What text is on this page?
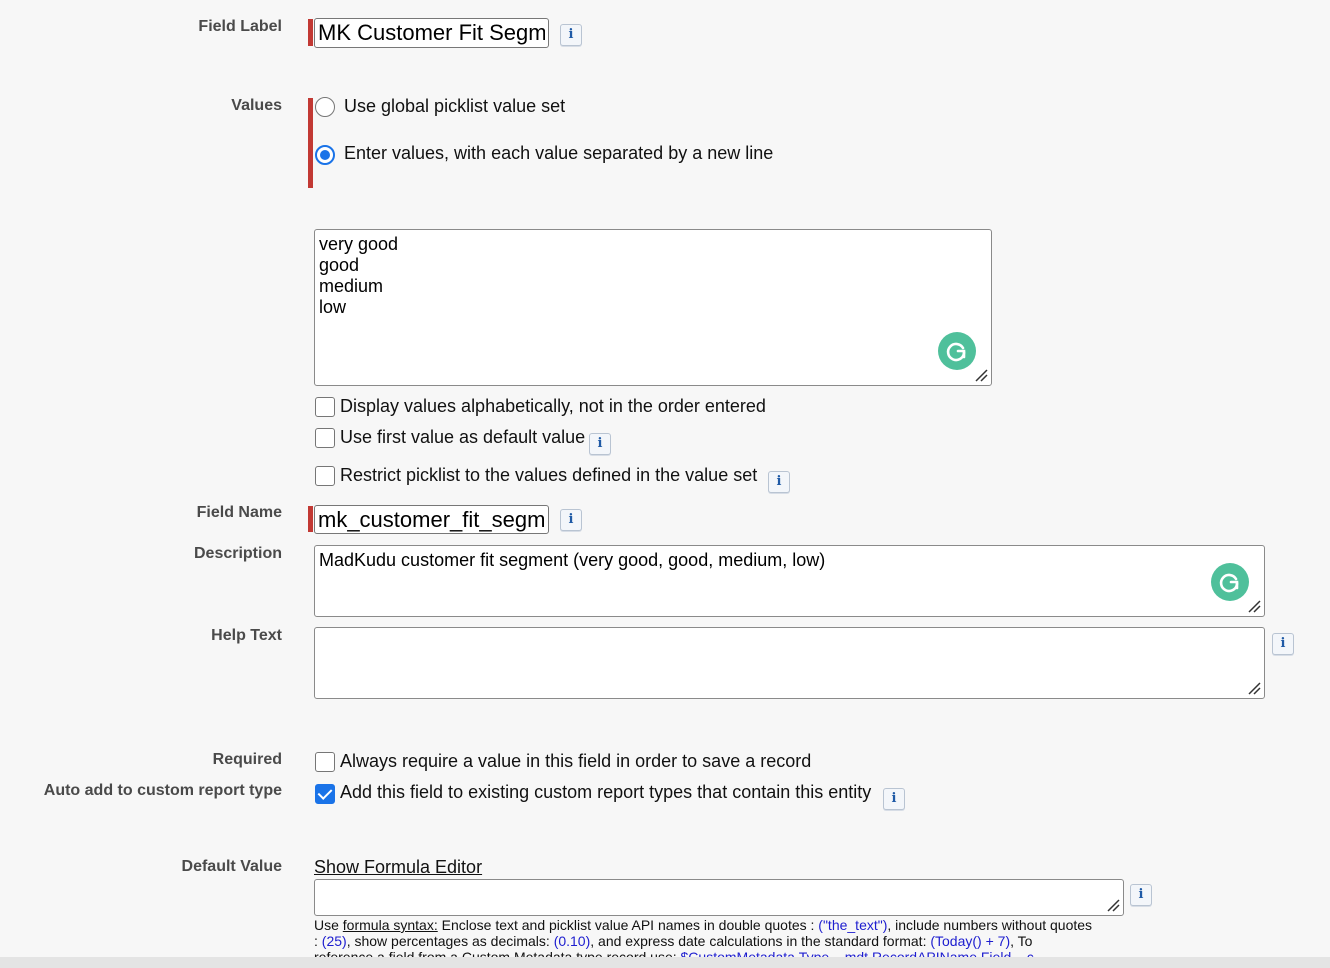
Field Label
MK Customer Fit Segment	i
Values	Use global picklist value set
Enter values, with each value separated by a new line
very good
good
medium
low
Display values alphabetically, not in the order entered
Use first value as default value i
Restrict picklist to the values defined in the value set	i
Field Name
mk_customer_fit_segment	i
Description MadKudu customer fit segment (very good, good, medium, low)
Help Text	i
Required	Always require a value in this field in order to save a record
Auto add to custom report type	Add this field to existing custom report types that contain this entity	i
Default Value Show Formula Editor
i
Use formula syntax: Enclose text and picklist value API names in double quotes : ("the_text"), include numbers without quotes
: (25), show percentages as decimals: (0.10), and express date calculations in the standard format: (Today() + 7), To
